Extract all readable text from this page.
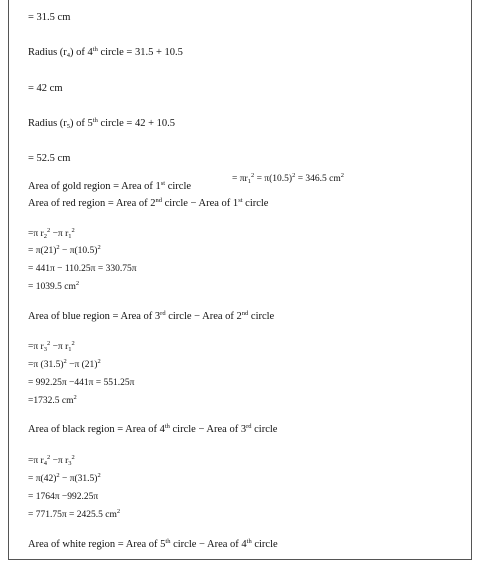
= 31.5 cm
Radius $(r_4)$ of 4th circle = 31.5 + 10.5
= 42 cm
Radius $(r_5)$ of 5th circle = 42 + 10.5
= 52.5 cm
Area of gold region = Area of 1st circle
= $\pi r_1^2 = \pi(10.5)^2 = 346.5$ $cm^2$
Area of red region = Area of 2nd circle − Area of 1st circle
=π $r_2^2 -\pi$ $r_1^2$
= $\pi(21)^2 - \pi(10.5)^2$
= 441π − 110.25π = 330.75π
= 1039.5 $cm^2$
Area of blue region = Area of 3rd circle − Area of 2nd circle
=π $r_3^2 -\pi$ $r_1^2$
=π $(31.5)^2 -\pi$ $(21)^2$
= 992.25π −441π = 551.25π
=1732.5 $cm^2$
Area of black region = Area of 4th circle − Area of 3rd circle
=π $r_4^2 -\pi$ $r_3^2$
= $\pi(42)^2 - \pi(31.5)^2$
= 1764π −992.25π
= 771.75π = 2425.5 $cm^2$
Area of white region = Area of 5th circle − Area of 4th circle
